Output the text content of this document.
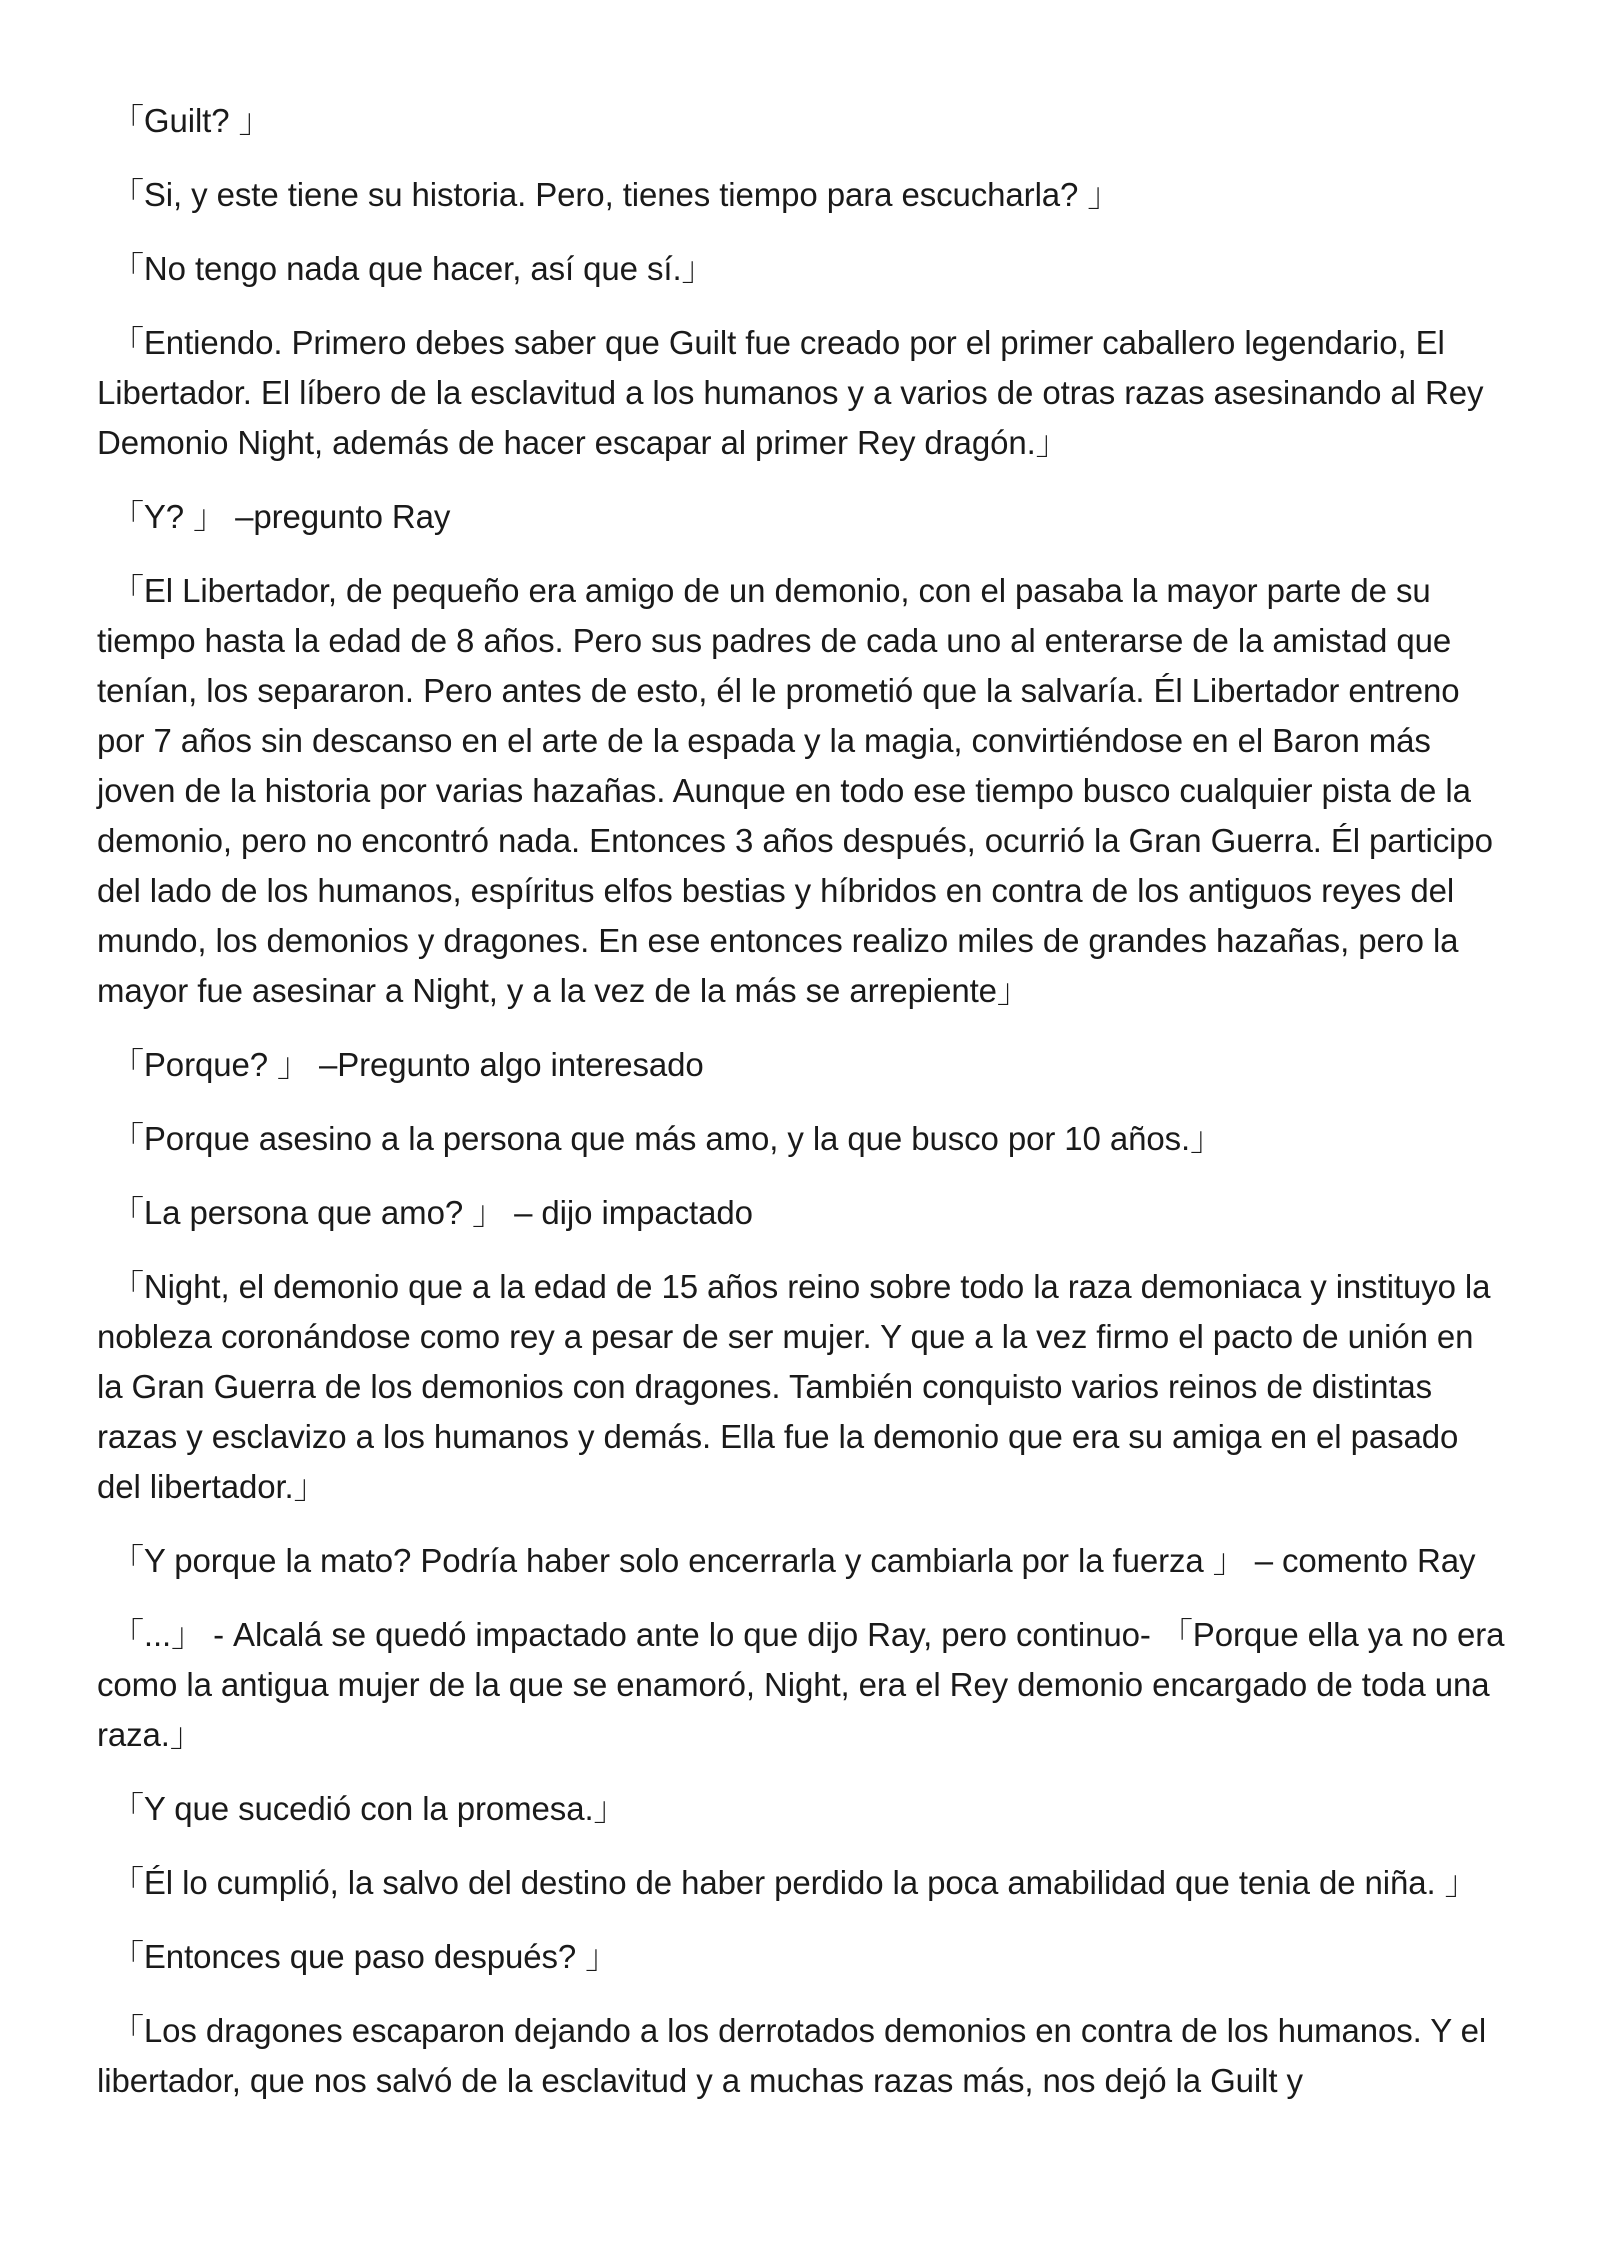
「Guilt? 」

「Si, y este tiene su historia. Pero, tienes tiempo para escucharla? 」

「No tengo nada que hacer, así que sí.」

「Entiendo. Primero debes saber que Guilt fue creado por el primer caballero legendario, El Libertador. El líbero de la esclavitud a los humanos y a varios de otras razas asesinando al Rey Demonio Night, además de hacer escapar al primer Rey dragón.」

「Y? 」 –pregunto Ray

「El Libertador, de pequeño era amigo de un demonio, con el pasaba la mayor parte de su tiempo hasta la edad de 8 años. Pero sus padres de cada uno al enterarse de la amistad que tenían, los separaron. Pero antes de esto, él le prometió que la salvaría. Él Libertador entreno por 7 años sin descanso en el arte de la espada y la magia, convirtiéndose en el Baron más joven de la historia por varias hazañas. Aunque en todo ese tiempo busco cualquier pista de la demonio, pero no encontró nada. Entonces 3 años después, ocurrió la Gran Guerra. Él participo del lado de los humanos, espíritus elfos bestias y híbridos en contra de los antiguos reyes del mundo, los demonios y dragones. En ese entonces realizo miles de grandes hazañas, pero la mayor fue asesinar a Night, y a la vez de la más se arrepiente」

「Porque? 」 –Pregunto algo interesado

「Porque asesino a la persona que más amo, y la que busco por 10 años.」

「La persona que amo? 」 – dijo impactado

「Night, el demonio que a la edad de 15 años reino sobre todo la raza demoniaca y instituyo la nobleza coronándose como rey a pesar de ser mujer. Y que a la vez firmo el pacto de unión en la Gran Guerra de los demonios con dragones. También conquisto varios reinos de distintas razas y esclavizo a los humanos y demás. Ella fue la demonio que era su amiga en el pasado del libertador.」

「Y porque la mato? Podría haber solo encerrarla y cambiarla por la fuerza 」 – comento Ray

「...」 - Alcalá se quedó impactado ante lo que dijo Ray, pero continuo- 「Porque ella ya no era como la antigua mujer de la que se enamoró, Night, era el Rey demonio encargado de toda una raza.」

「Y que sucedió con la promesa.」

「Él lo cumplió, la salvo del destino de haber perdido la poca amabilidad que tenia de niña. 」

「Entonces que paso después? 」

「Los dragones escaparon dejando a los derrotados demonios en contra de los humanos. Y el libertador, que nos salvó de la esclavitud y a muchas razas más, nos dejó la Guilt y
